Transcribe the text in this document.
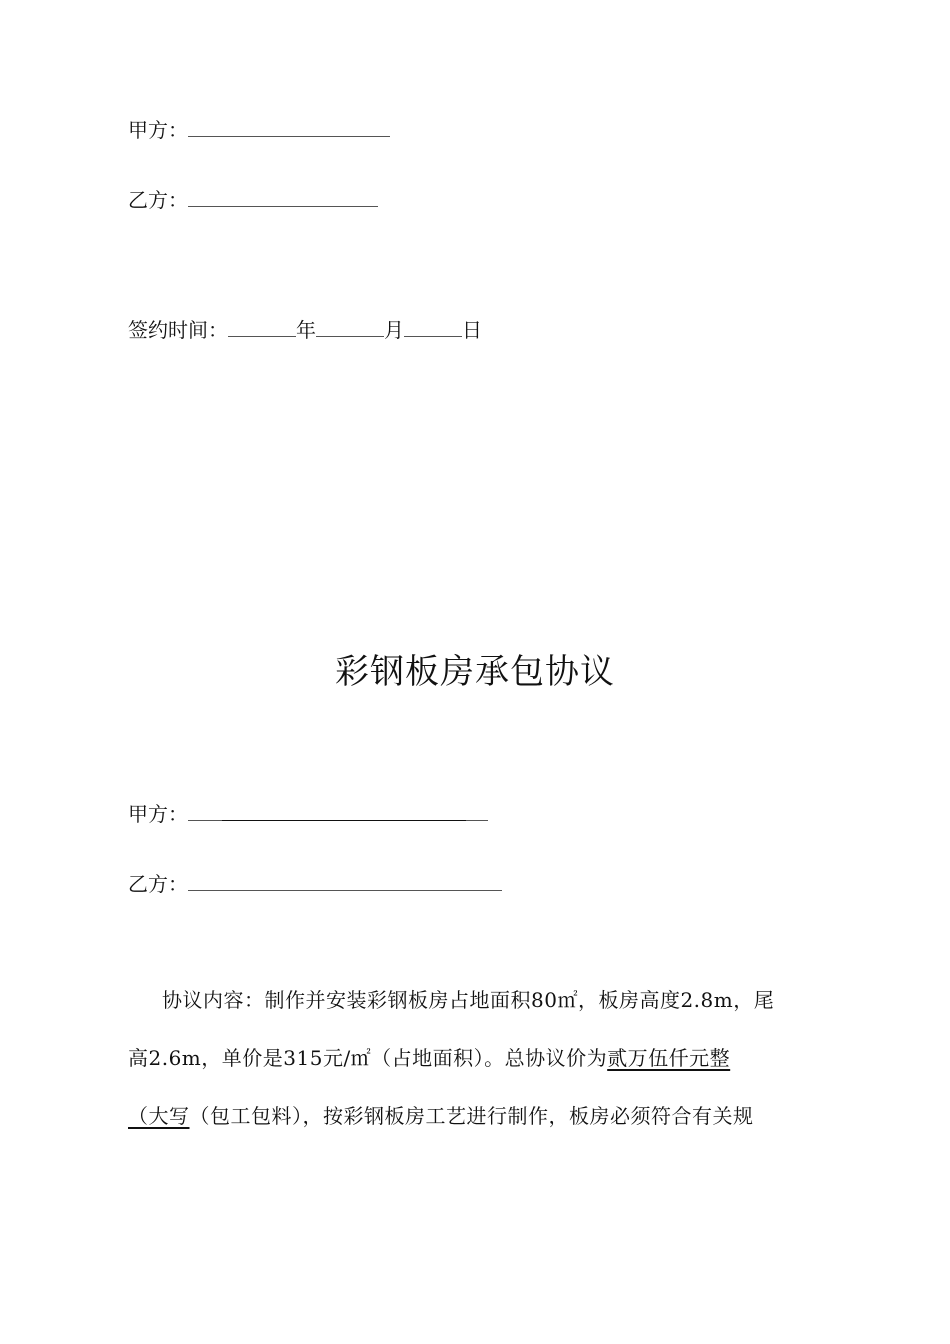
甲方：
乙方：
签约时间：	年	月	日
彩钢板房承包协议
甲方：
乙方：
协议内容：制作并安装彩钢板房占地面积80㎡，板房高度2.8m，尾
高2.6m，单价是315元/㎡（占地面积）。总协议价为贰万伍仟元整
（大写（包工包料），按彩钢板房工艺进行制作，板房必须符合有关规
